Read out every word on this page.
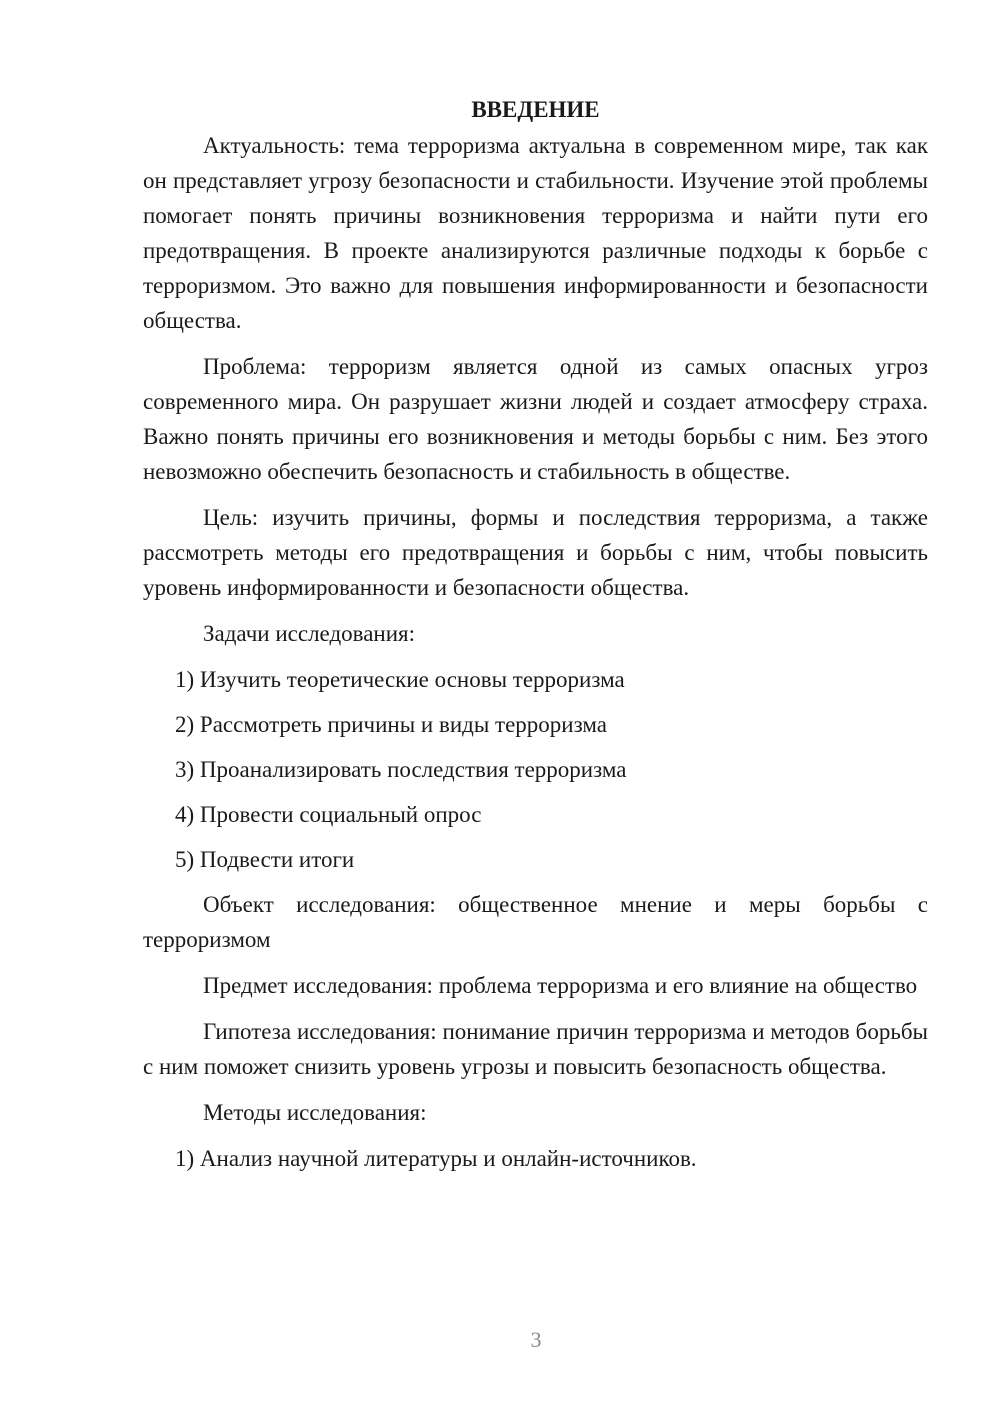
ВВЕДЕНИЕ

Актуальность: тема терроризма актуальна в современном мире, так как он представляет угрозу безопасности и стабильности. Изучение этой проблемы помогает понять причины возникновения терроризма и найти пути его предотвращения. В проекте анализируются различные подходы к борьбе с терроризмом. Это важно для повышения информированности и безопасности общества.

Проблема: терроризм является одной из самых опасных угроз современного мира. Он разрушает жизни людей и создает атмосферу страха. Важно понять причины его возникновения и методы борьбы с ним. Без этого невозможно обеспечить безопасность и стабильность в обществе.

Цель: изучить причины, формы и последствия терроризма, а также рассмотреть методы его предотвращения и борьбы с ним, чтобы повысить уровень информированности и безопасности общества.

Задачи исследования:

1) Изучить теоретические основы терроризма
2) Рассмотреть причины и виды терроризма
3) Проанализировать последствия терроризма
4) Провести социальный опрос
5) Подвести итоги

Объект исследования: общественное мнение и меры борьбы с терроризмом

Предмет исследования: проблема терроризма и его влияние на общество

Гипотеза исследования: понимание причин терроризма и методов борьбы с ним поможет снизить уровень угрозы и повысить безопасность общества.

Методы исследования:

1) Анализ научной литературы и онлайн-источников.
3
